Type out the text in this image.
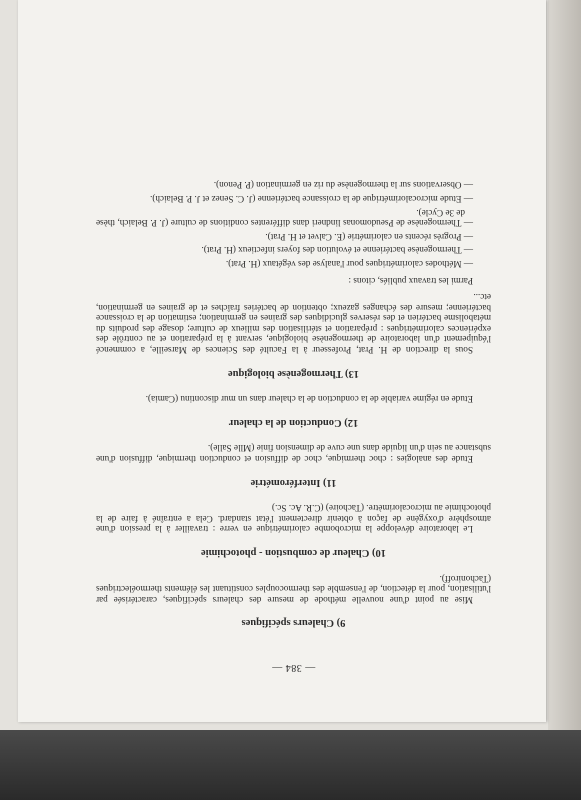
— 384 —
9) Chaleurs spécifiques

Mise au point d'une nouvelle méthode de mesure des chaleurs spécifiques, caractérisée par l'utilisation, pour la détection, de l'ensemble des thermocouples constituant les éléments thermoélectriques (Tachoniroff).

10) Chaleur de combustion - photochimie

Le laboratoire développe la microbombe calorimétrique en verre : travailler à la pression d'une atmosphère d'oxygène de façon à obtenir directement l'état standard. Cela a entraîné à faire de la photochimie au microcalorimètre. (Tachoire) (C.R. Ac. Sc.)

11) Interférométrie

Etude des analogies : choc thermique, choc de diffusion et conduction thermique, diffusion d'une substance au sein d'un liquide dans une cuve de dimension finie (Mlle Salle).

12) Conduction de la chaleur

Etude en régime variable de la conduction de la chaleur dans un mur discontinu (Camia).

13) Thermogenèse biologique

Sous la direction de H. Prat, Professeur à la Faculté des Sciences de Marseille, a commencé l'équipement d'un laboratoire de thermogenèse biologique, servant à la préparation et au contrôle des expériences calorimétriques : préparation et stérilisation des milieux de culture; dosage des produits du métabolisme bactérien et des réserves glucidiques des graines en germination; estimation de la croissance bactérienne; mesure des échanges gazeux; obtention de bactéries fraîches et de graines en germination, etc...

Parmi les travaux publiés, citons :

— Méthodes calorimétriques pour l'analyse des végétaux (H. Prat).
— Thermogenèse bactérienne et évolution des foyers infectieux (H. Prat).
— Progrès récents en calorimétrie (E. Calvet et H. Prat).
— Thermogenèse de Pseudomonas lindneri dans différentes conditions de culture (J. P. Belaich, thèse de 3e Cycle).
— Etude microcalorimétrique de la croissance bactérienne (J. C. Senez et J. P. Belaich).
— Observations sur la thermogenèse du riz en germination (P. Penon).
